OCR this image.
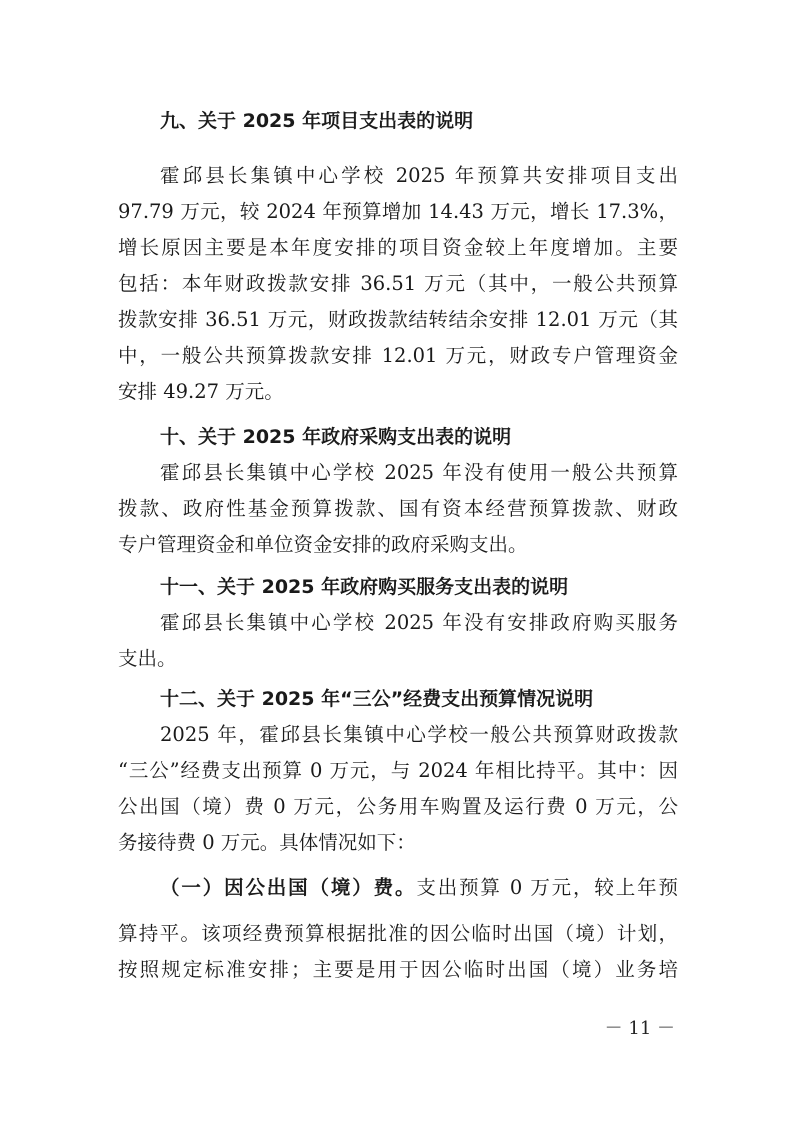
九、关于 2025 年项目支出表的说明
霍邱县长集镇中心学校 2025 年预算共安排项目支出
97.79 万元，较 2024 年预算增加 14.43 万元，增长 17.3%，
增长原因主要是本年度安排的项目资金较上年度增加。主要
包括：本年财政拨款安排 36.51 万元（其中，一般公共预算
拨款安排 36.51 万元，财政拨款结转结余安排 12.01 万元（其
中，一般公共预算拨款安排 12.01 万元，财政专户管理资金
安排 49.27 万元。
十、关于 2025 年政府采购支出表的说明
霍邱县长集镇中心学校 2025 年没有使用一般公共预算
拨款、政府性基金预算拨款、国有资本经营预算拨款、财政
专户管理资金和单位资金安排的政府采购支出。
十一、关于 2025 年政府购买服务支出表的说明
霍邱县长集镇中心学校 2025 年没有安排政府购买服务
支出。
十二、关于 2025 年“三公”经费支出预算情况说明
2025 年，霍邱县长集镇中心学校一般公共预算财政拨款
“三公”经费支出预算 0 万元，与 2024 年相比持平。其中：因
公出国（境）费 0 万元，公务用车购置及运行费 0 万元，公
务接待费 0 万元。具体情况如下：
（一）因公出国（境）费。支出预算 0 万元，较上年预
算持平。该项经费预算根据批准的因公临时出国（境）计划，
按照规定标准安排；主要是用于因公临时出国（境）业务培
－ 11 －
